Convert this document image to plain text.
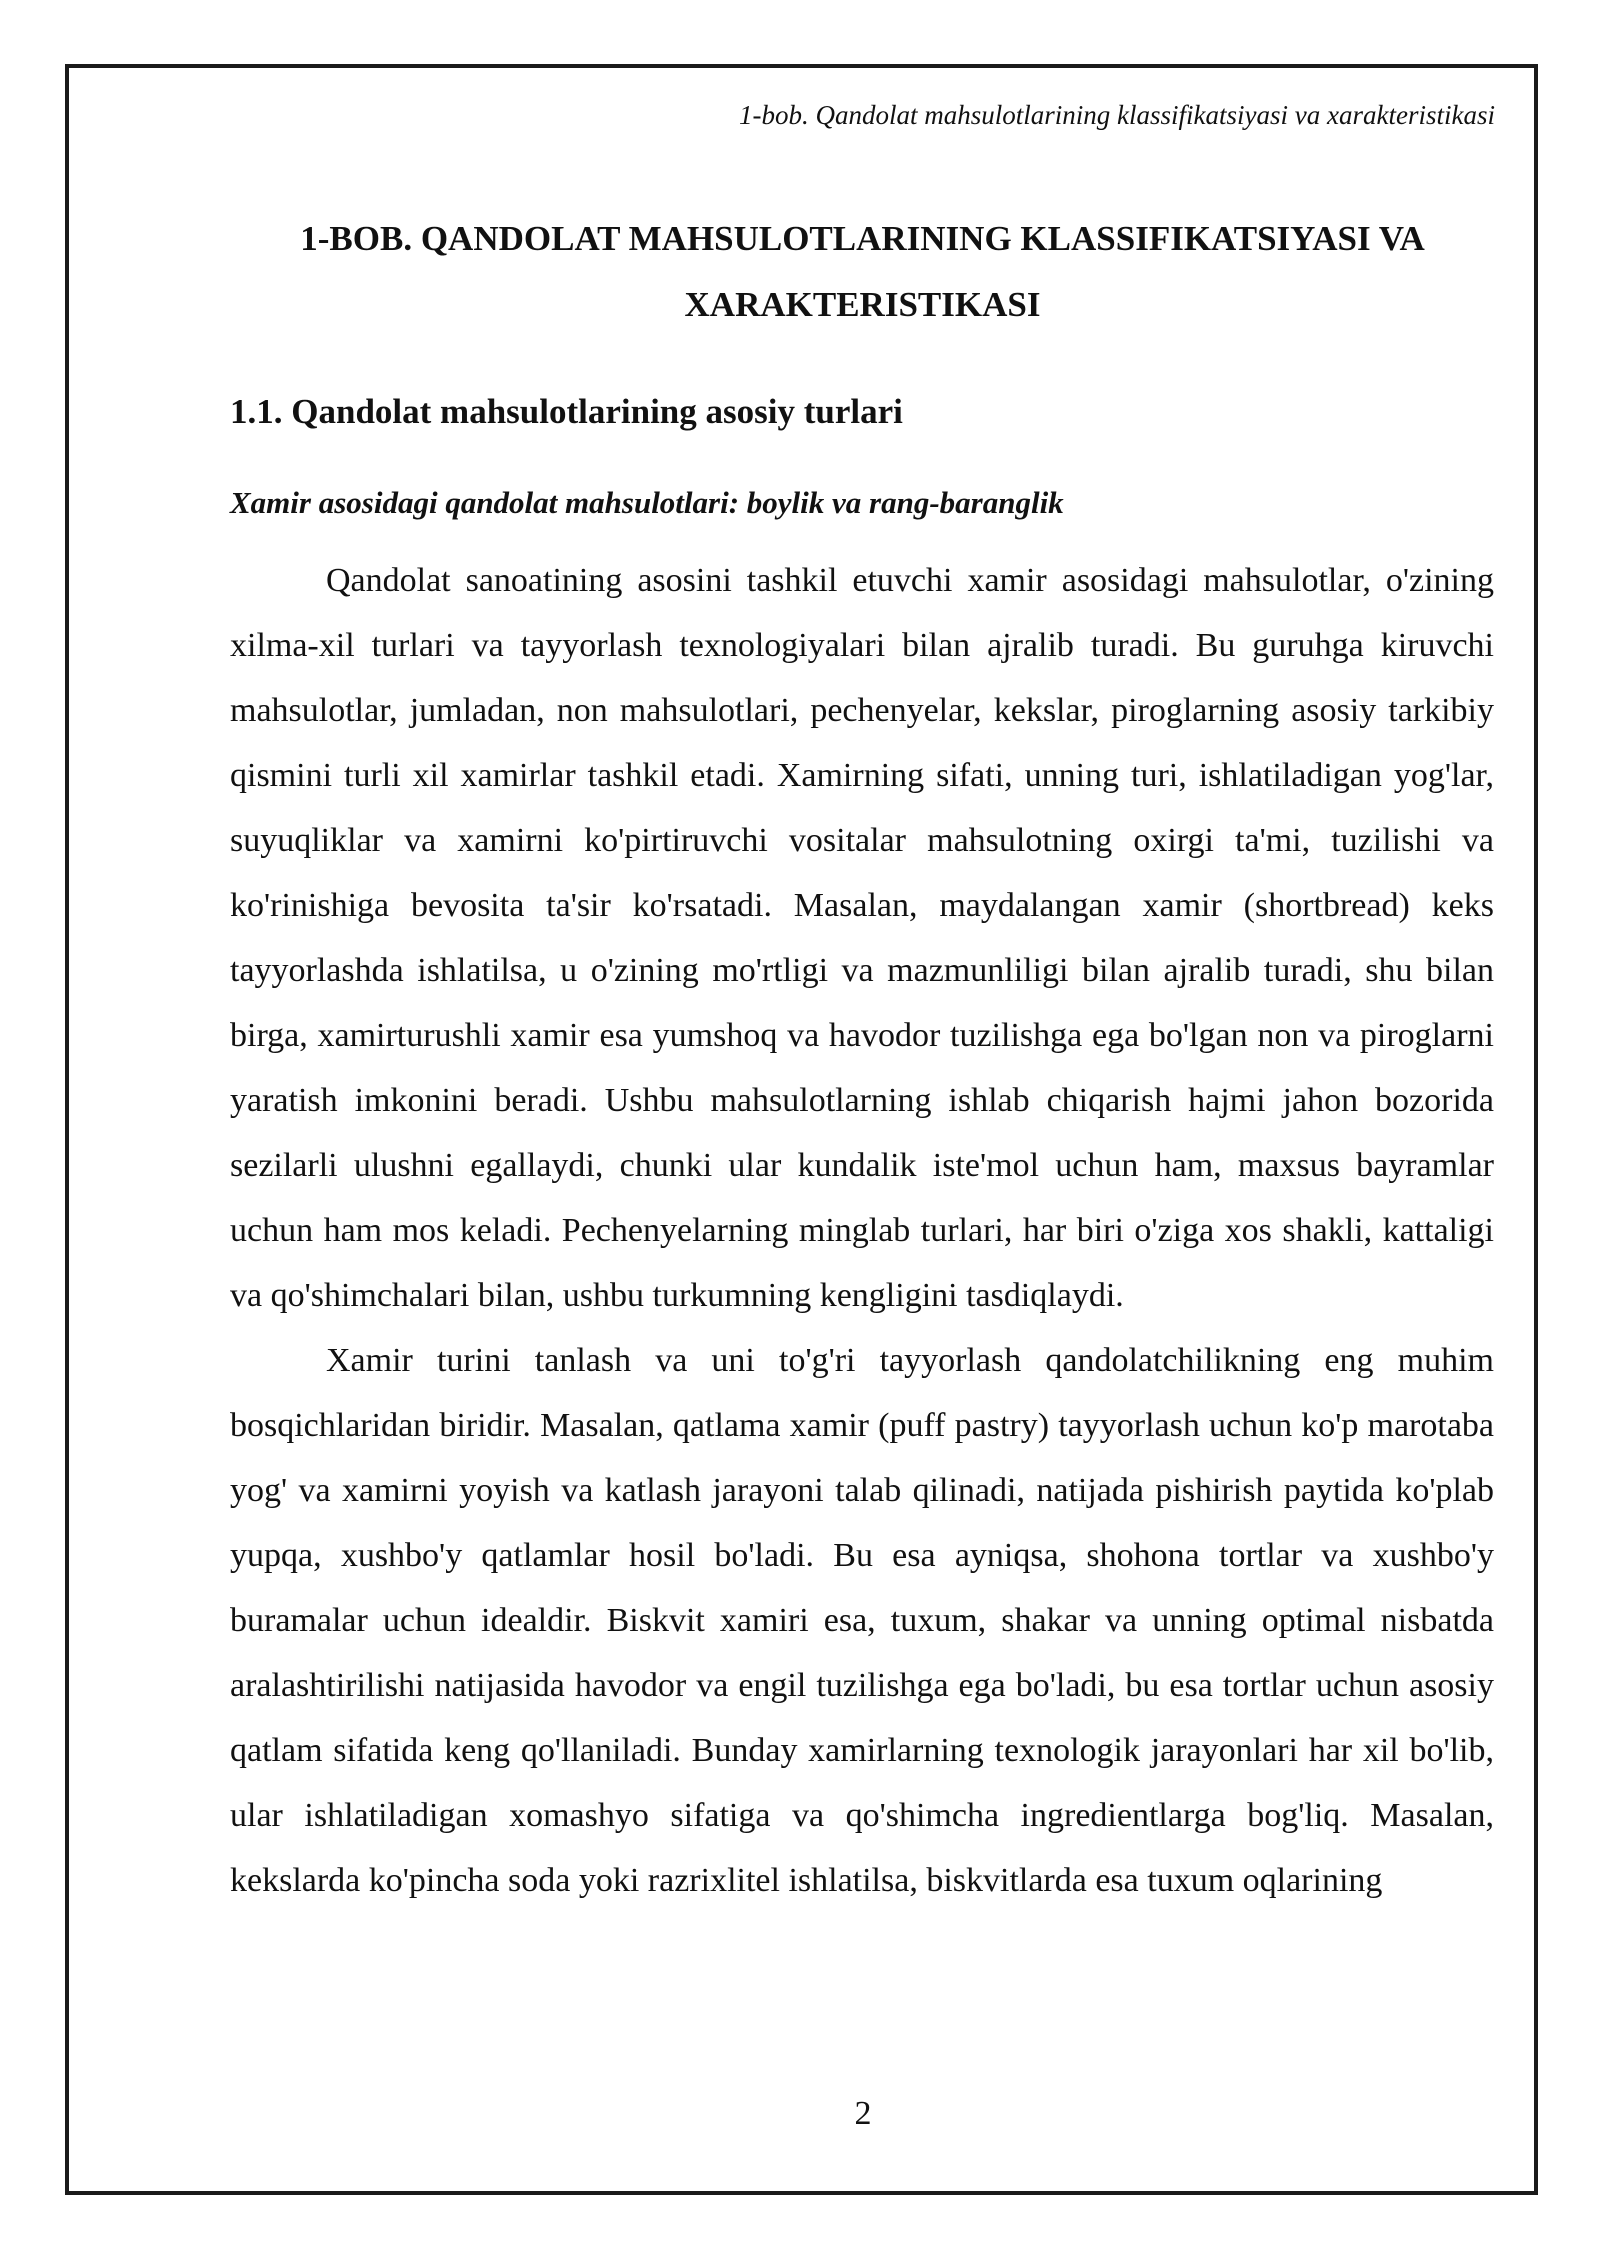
1-bob. Qandolat mahsulotlarining klassifikatsiyasi va xarakteristikasi
1-BOB. QANDOLAT MAHSULOTLARINING KLASSIFIKATSIYASI VA XARAKTERISTIKASI
1.1. Qandolat mahsulotlarining asosiy turlari
Xamir asosidagi qandolat mahsulotlari: boylik va rang-baranglik

Qandolat sanoatining asosini tashkil etuvchi xamir asosidagi mahsulotlar, o'zining xilma-xil turlari va tayyorlash texnologiyalari bilan ajralib turadi. Bu guruhga kiruvchi mahsulotlar, jumladan, non mahsulotlari, pechenyelar, kekslar, piroglarning asosiy tarkibiy qismini turli xil xamirlar tashkil etadi. Xamirning sifati, unning turi, ishlatiladigan yog'lar, suyuqliklar va xamirni ko'pirtiruvchi vositalar mahsulotning oxirgi ta'mi, tuzilishi va ko'rinishiga bevosita ta'sir ko'rsatadi. Masalan, maydalangan xamir (shortbread) keks tayyorlashda ishlatilsa, u o'zining mo'rtligi va mazmunliligi bilan ajralib turadi, shu bilan birga, xamirturushli xamir esa yumshoq va havodor tuzilishga ega bo'lgan non va piroglarni yaratish imkonini beradi. Ushbu mahsulotlarning ishlab chiqarish hajmi jahon bozorida sezilarli ulushni egallaydi, chunki ular kundalik iste'mol uchun ham, maxsus bayramlar uchun ham mos keladi. Pechenyelarning minglab turlari, har biri o'ziga xos shakli, kattaligi va qo'shimchalari bilan, ushbu turkumning kengligini tasdiqlaydi.

Xamir turini tanlash va uni to'g'ri tayyorlash qandolatchilikning eng muhim bosqichlaridan biridir. Masalan, qatlama xamir (puff pastry) tayyorlash uchun ko'p marotaba yog' va xamirni yoyish va katlash jarayoni talab qilinadi, natijada pishirish paytida ko'plab yupqa, xushbo'y qatlamlar hosil bo'ladi. Bu esa ayniqsa, shohona tortlar va xushbo'y buramalar uchun idealdir. Biskvit xamiri esa, tuxum, shakar va unning optimal nisbatda aralashtirilishi natijasida havodor va engil tuzilishga ega bo'ladi, bu esa tortlar uchun asosiy qatlam sifatida keng qo'llaniladi. Bunday xamirlarning texnologik jarayonlari har xil bo'lib, ular ishlatiladigan xomashyo sifatiga va qo'shimcha ingredientlarga bog'liq. Masalan, kekslarda ko'pincha soda yoki razrixlitel ishlatilsa, biskvitlarda esa tuxum oqlarining

2
